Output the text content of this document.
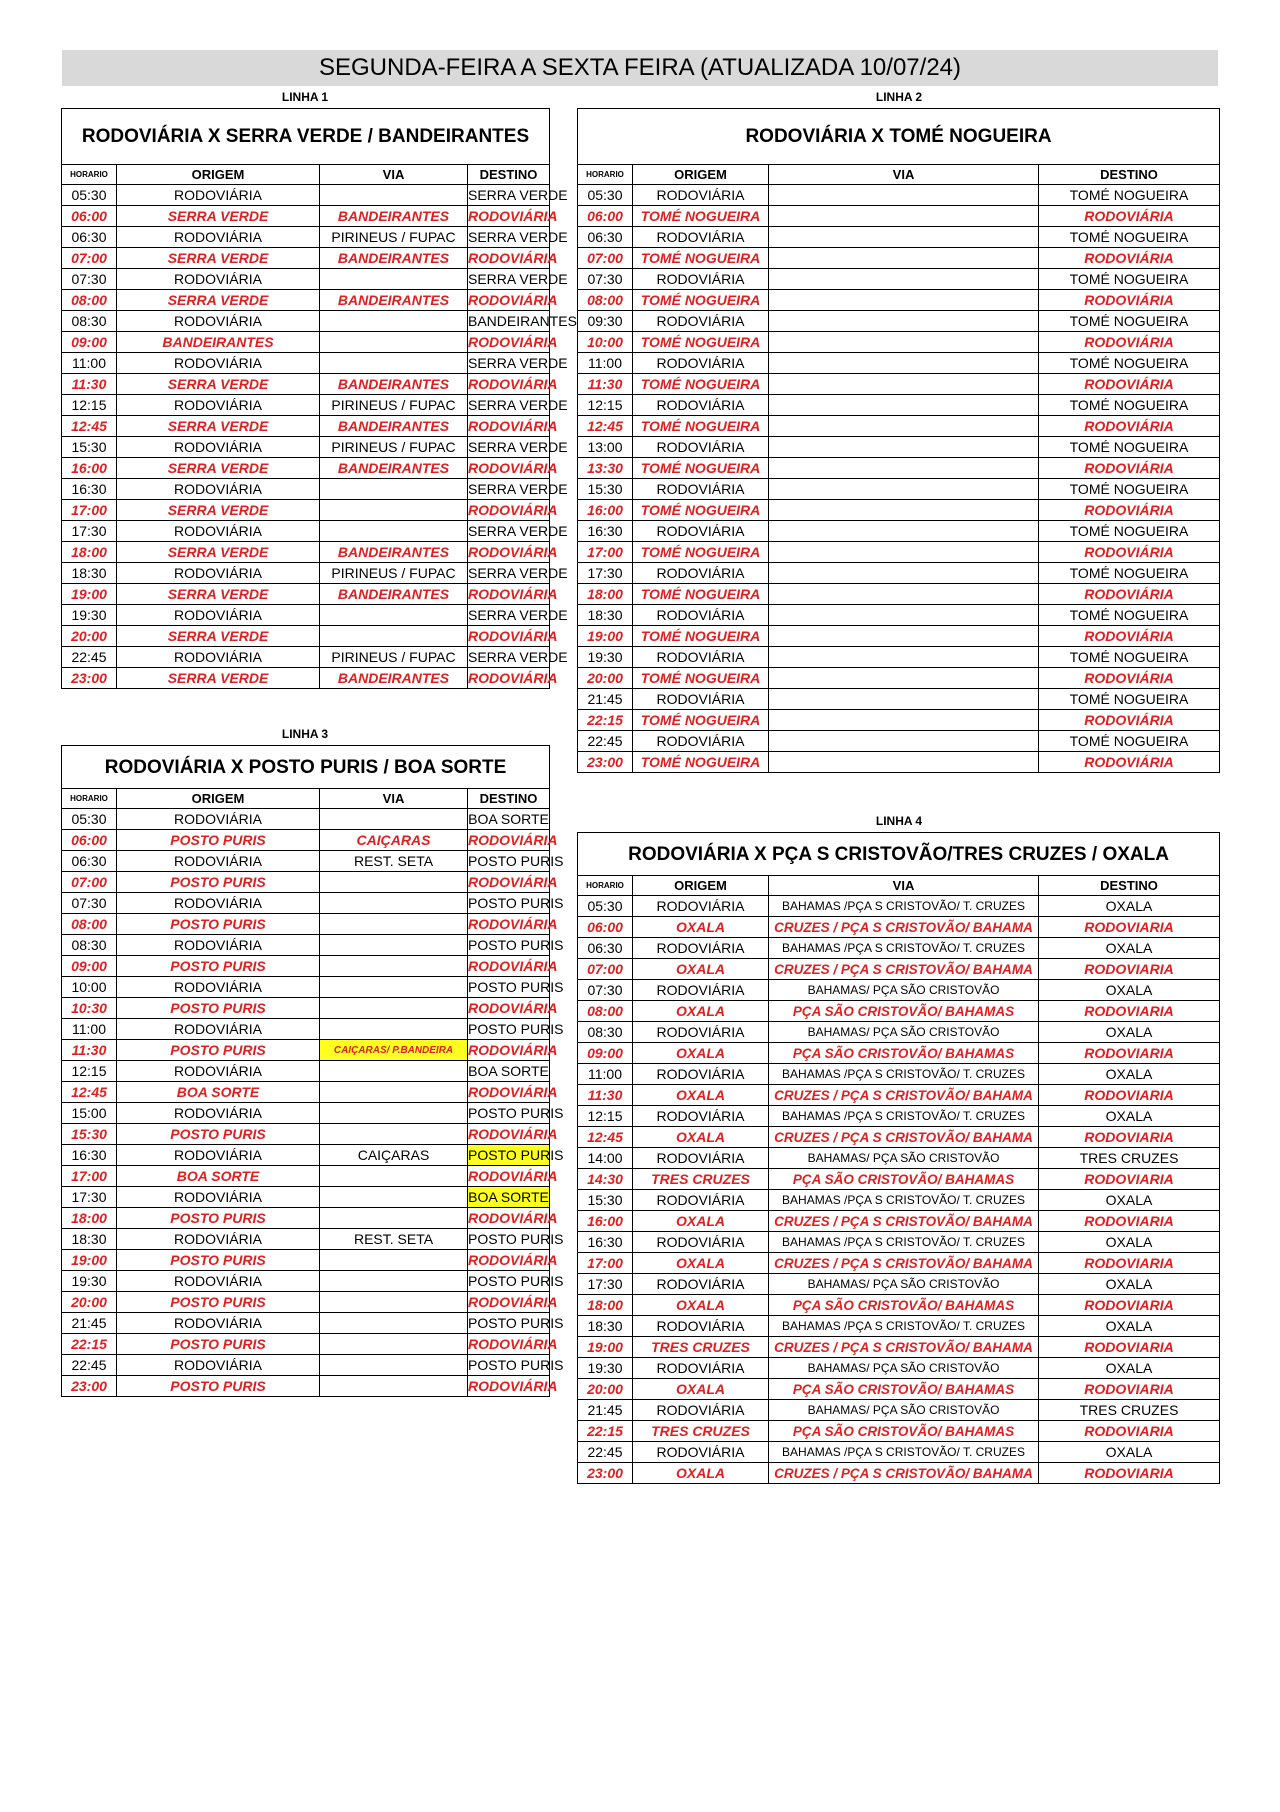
SEGUNDA-FEIRA A SEXTA FEIRA (ATUALIZADA 10/07/24)
LINHA 1
RODOVIÁRIA X SERRA VERDE / BANDEIRANTES			
HORARIO	ORIGEM	VIA	DESTINO
05:30	RODOVIÁRIA		SERRA VERDE
06:00	SERRA VERDE	BANDEIRANTES	RODOVIÁRIA
06:30	RODOVIÁRIA	PIRINEUS / FUPAC	SERRA VERDE
07:00	SERRA VERDE	BANDEIRANTES	RODOVIÁRIA
07:30	RODOVIÁRIA		SERRA VERDE
08:00	SERRA VERDE	BANDEIRANTES	RODOVIÁRIA
08:30	RODOVIÁRIA		BANDEIRANTES
09:00	BANDEIRANTES		RODOVIÁRIA
11:00	RODOVIÁRIA		SERRA VERDE
11:30	SERRA VERDE	BANDEIRANTES	RODOVIÁRIA
12:15	RODOVIÁRIA	PIRINEUS / FUPAC	SERRA VERDE
12:45	SERRA VERDE	BANDEIRANTES	RODOVIÁRIA
15:30	RODOVIÁRIA	PIRINEUS / FUPAC	SERRA VERDE
16:00	SERRA VERDE	BANDEIRANTES	RODOVIÁRIA
16:30	RODOVIÁRIA		SERRA VERDE
17:00	SERRA VERDE		RODOVIÁRIA
17:30	RODOVIÁRIA		SERRA VERDE
18:00	SERRA VERDE	BANDEIRANTES	RODOVIÁRIA
18:30	RODOVIÁRIA	PIRINEUS / FUPAC	SERRA VERDE
19:00	SERRA VERDE	BANDEIRANTES	RODOVIÁRIA
19:30	RODOVIÁRIA		SERRA VERDE
20:00	SERRA VERDE		RODOVIÁRIA
22:45	RODOVIÁRIA	PIRINEUS / FUPAC	SERRA VERDE
23:00	SERRA VERDE	BANDEIRANTES	RODOVIÁRIA
LINHA 2
RODOVIÁRIA X TOMÉ NOGUEIRA			
HORARIO	ORIGEM	VIA	DESTINO
05:30	RODOVIÁRIA		TOMÉ NOGUEIRA
06:00	TOMÉ NOGUEIRA		RODOVIÁRIA
06:30	RODOVIÁRIA		TOMÉ NOGUEIRA
07:00	TOMÉ NOGUEIRA		RODOVIÁRIA
07:30	RODOVIÁRIA		TOMÉ NOGUEIRA
08:00	TOMÉ NOGUEIRA		RODOVIÁRIA
09:30	RODOVIÁRIA		TOMÉ NOGUEIRA
10:00	TOMÉ NOGUEIRA		RODOVIÁRIA
11:00	RODOVIÁRIA		TOMÉ NOGUEIRA
11:30	TOMÉ NOGUEIRA		RODOVIÁRIA
12:15	RODOVIÁRIA		TOMÉ NOGUEIRA
12:45	TOMÉ NOGUEIRA		RODOVIÁRIA
13:00	RODOVIÁRIA		TOMÉ NOGUEIRA
13:30	TOMÉ NOGUEIRA		RODOVIÁRIA
15:30	RODOVIÁRIA		TOMÉ NOGUEIRA
16:00	TOMÉ NOGUEIRA		RODOVIÁRIA
16:30	RODOVIÁRIA		TOMÉ NOGUEIRA
17:00	TOMÉ NOGUEIRA		RODOVIÁRIA
17:30	RODOVIÁRIA		TOMÉ NOGUEIRA
18:00	TOMÉ NOGUEIRA		RODOVIÁRIA
18:30	RODOVIÁRIA		TOMÉ NOGUEIRA
19:00	TOMÉ NOGUEIRA		RODOVIÁRIA
19:30	RODOVIÁRIA		TOMÉ NOGUEIRA
20:00	TOMÉ NOGUEIRA		RODOVIÁRIA
21:45	RODOVIÁRIA		TOMÉ NOGUEIRA
22:15	TOMÉ NOGUEIRA		RODOVIÁRIA
22:45	RODOVIÁRIA		TOMÉ NOGUEIRA
23:00	TOMÉ NOGUEIRA		RODOVIÁRIA
LINHA 3
RODOVIÁRIA X POSTO PURIS / BOA SORTE			
HORARIO	ORIGEM	VIA	DESTINO
05:30	RODOVIÁRIA		BOA SORTE
06:00	POSTO PURIS	CAIÇARAS	RODOVIÁRIA
06:30	RODOVIÁRIA	REST. SETA	POSTO PURIS
07:00	POSTO PURIS		RODOVIÁRIA
07:30	RODOVIÁRIA		POSTO PURIS
08:00	POSTO PURIS		RODOVIÁRIA
08:30	RODOVIÁRIA		POSTO PURIS
09:00	POSTO PURIS		RODOVIÁRIA
10:00	RODOVIÁRIA		POSTO PURIS
10:30	POSTO PURIS		RODOVIÁRIA
11:00	RODOVIÁRIA		POSTO PURIS
11:30	POSTO PURIS	CAIÇARAS/ P.BANDEIRA	RODOVIÁRIA
12:15	RODOVIÁRIA		BOA SORTE
12:45	BOA SORTE		RODOVIÁRIA
15:00	RODOVIÁRIA		POSTO PURIS
15:30	POSTO PURIS		RODOVIÁRIA
16:30	RODOVIÁRIA	CAIÇARAS	POSTO PURIS
17:00	BOA SORTE		RODOVIÁRIA
17:30	RODOVIÁRIA		BOA SORTE
18:00	POSTO PURIS		RODOVIÁRIA
18:30	RODOVIÁRIA	REST. SETA	POSTO PURIS
19:00	POSTO PURIS		RODOVIÁRIA
19:30	RODOVIÁRIA		POSTO PURIS
20:00	POSTO PURIS		RODOVIÁRIA
21:45	RODOVIÁRIA		POSTO PURIS
22:15	POSTO PURIS		RODOVIÁRIA
22:45	RODOVIÁRIA		POSTO PURIS
23:00	POSTO PURIS		RODOVIÁRIA
LINHA 4
RODOVIÁRIA X PÇA S CRISTOVÃO/TRES CRUZES / OXALA			
HORARIO	ORIGEM	VIA	DESTINO
05:30	RODOVIÁRIA	BAHAMAS /PÇA S CRISTOVÃO/ T. CRUZES	OXALA
06:00	OXALA	CRUZES / PÇA S CRISTOVÃO/ BAHAMA	RODOVIARIA
06:30	RODOVIÁRIA	BAHAMAS /PÇA S CRISTOVÃO/ T. CRUZES	OXALA
07:00	OXALA	CRUZES / PÇA S CRISTOVÃO/ BAHAMA	RODOVIARIA
07:30	RODOVIÁRIA	BAHAMAS/ PÇA SÃO CRISTOVÃO	OXALA
08:00	OXALA	PÇA SÃO CRISTOVÃO/ BAHAMAS	RODOVIARIA
08:30	RODOVIÁRIA	BAHAMAS/ PÇA SÃO CRISTOVÃO	OXALA
09:00	OXALA	PÇA SÃO CRISTOVÃO/ BAHAMAS	RODOVIARIA
11:00	RODOVIÁRIA	BAHAMAS /PÇA S CRISTOVÃO/ T. CRUZES	OXALA
11:30	OXALA	CRUZES / PÇA S CRISTOVÃO/ BAHAMA	RODOVIARIA
12:15	RODOVIÁRIA	BAHAMAS /PÇA S CRISTOVÃO/ T. CRUZES	OXALA
12:45	OXALA	CRUZES / PÇA S CRISTOVÃO/ BAHAMA	RODOVIARIA
14:00	RODOVIÁRIA	BAHAMAS/ PÇA SÃO CRISTOVÃO	TRES CRUZES
14:30	TRES CRUZES	PÇA SÃO CRISTOVÃO/ BAHAMAS	RODOVIARIA
15:30	RODOVIÁRIA	BAHAMAS /PÇA S CRISTOVÃO/ T. CRUZES	OXALA
16:00	OXALA	CRUZES / PÇA S CRISTOVÃO/ BAHAMA	RODOVIARIA
16:30	RODOVIÁRIA	BAHAMAS /PÇA S CRISTOVÃO/ T. CRUZES	OXALA
17:00	OXALA	CRUZES / PÇA S CRISTOVÃO/ BAHAMA	RODOVIARIA
17:30	RODOVIÁRIA	BAHAMAS/ PÇA SÃO CRISTOVÃO	OXALA
18:00	OXALA	PÇA SÃO CRISTOVÃO/ BAHAMAS	RODOVIARIA
18:30	RODOVIÁRIA	BAHAMAS /PÇA S CRISTOVÃO/ T. CRUZES	OXALA
19:00	TRES CRUZES	CRUZES / PÇA S CRISTOVÃO/ BAHAMA	RODOVIARIA
19:30	RODOVIÁRIA	BAHAMAS/ PÇA SÃO CRISTOVÃO	OXALA
20:00	OXALA	PÇA SÃO CRISTOVÃO/ BAHAMAS	RODOVIARIA
21:45	RODOVIÁRIA	BAHAMAS/ PÇA SÃO CRISTOVÃO	TRES CRUZES
22:15	TRES CRUZES	PÇA SÃO CRISTOVÃO/ BAHAMAS	RODOVIARIA
22:45	RODOVIÁRIA	BAHAMAS /PÇA S CRISTOVÃO/ T. CRUZES	OXALA
23:00	OXALA	CRUZES / PÇA S CRISTOVÃO/ BAHAMA	RODOVIARIA
